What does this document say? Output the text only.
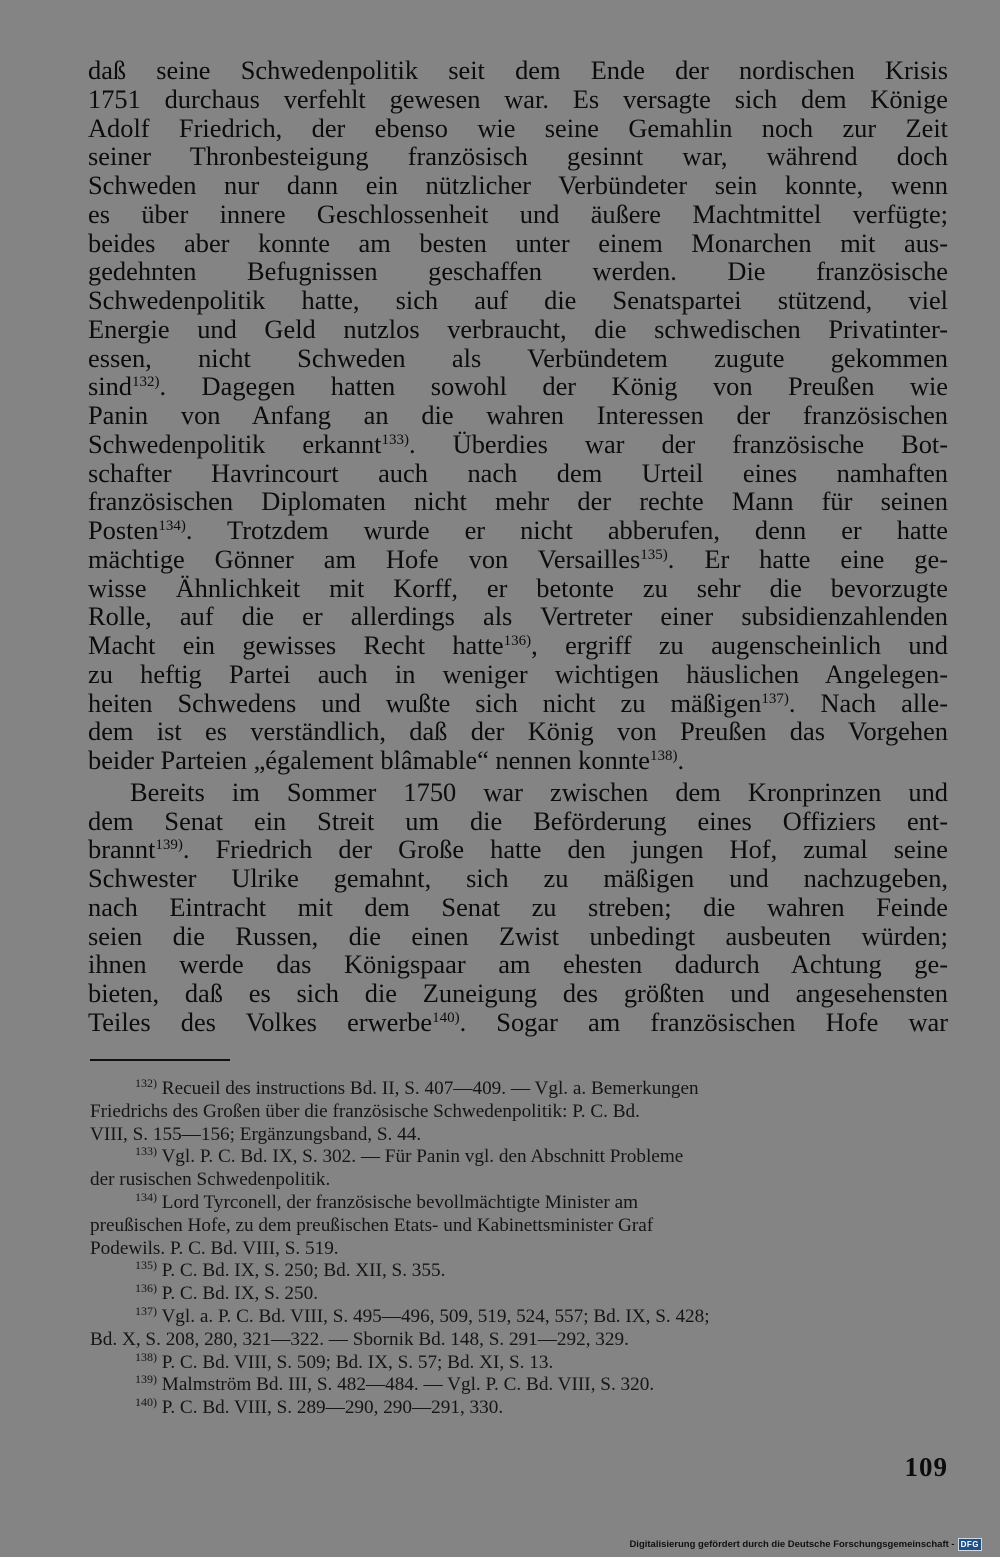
daß seine Schwedenpolitik seit dem Ende der nordischen Krisis
1751 durchaus verfehlt gewesen war. Es versagte sich dem Könige
Adolf Friedrich, der ebenso wie seine Gemahlin noch zur Zeit
seiner Thronbesteigung französisch gesinnt war, während doch
Schweden nur dann ein nützlicher Verbündeter sein konnte, wenn
es über innere Geschlossenheit und äußere Machtmittel verfügte;
beides aber konnte am besten unter einem Monarchen mit aus-
gedehnten Befugnissen geschaffen werden. Die französische
Schwedenpolitik hatte, sich auf die Senatspartei stützend, viel
Energie und Geld nutzlos verbraucht, die schwedischen Privatinter-
essen, nicht Schweden als Verbündetem zugute gekommen
sind$^{132)}$. Dagegen hatten sowohl der König von Preußen wie
Panin von Anfang an die wahren Interessen der französischen
Schwedenpolitik erkannt$^{133)}$. Überdies war der französische Bot-
schafter Havrincourt auch nach dem Urteil eines namhaften
französischen Diplomaten nicht mehr der rechte Mann für seinen
Posten$^{134)}$. Trotzdem wurde er nicht abberufen, denn er hatte
mächtige Gönner am Hofe von Versailles$^{135)}$. Er hatte eine ge-
wisse Ähnlichkeit mit Korff, er betonte zu sehr die bevorzugte
Rolle, auf die er allerdings als Vertreter einer subsidienzahlenden
Macht ein gewisses Recht hatte$^{136)}$, ergriff zu augenscheinlich und
zu heftig Partei auch in weniger wichtigen häuslichen Angelegen-
heiten Schwedens und wußte sich nicht zu mäßigen$^{137)}$. Nach alle-
dem ist es verständlich, daß der König von Preußen das Vorgehen
beider Parteien „également blâmable“ nennen konnte$^{138)}$.

Bereits im Sommer 1750 war zwischen dem Kronprinzen und
dem Senat ein Streit um die Beförderung eines Offiziers ent-
brannt$^{139)}$. Friedrich der Große hatte den jungen Hof, zumal seine
Schwester Ulrike gemahnt, sich zu mäßigen und nachzugeben,
nach Eintracht mit dem Senat zu streben; die wahren Feinde
seien die Russen, die einen Zwist unbedingt ausbeuten würden;
ihnen werde das Königspaar am ehesten dadurch Achtung ge-
bieten, daß es sich die Zuneigung des größten und angesehensten
Teiles des Volkes erwerbe$^{140)}$. Sogar am französischen Hofe war

$^{132)}$ Recueil des instructions Bd. II, S. 407—409. — Vgl. a. Bemerkungen
Friedrichs des Großen über die französische Schwedenpolitik: P. C. Bd.
VIII, S. 155—156; Ergänzungsband, S. 44.
$^{133)}$ Vgl. P. C. Bd. IX, S. 302. — Für Panin vgl. den Abschnitt Probleme
der rusischen Schwedenpolitik.
$^{134)}$ Lord Tyrconell, der französische bevollmächtigte Minister am
preußischen Hofe, zu dem preußischen Etats- und Kabinettsminister Graf
Podewils. P. C. Bd. VIII, S. 519.
$^{135)}$ P. C. Bd. IX, S. 250; Bd. XII, S. 355.
$^{136)}$ P. C. Bd. IX, S. 250.
$^{137)}$ Vgl. a. P. C. Bd. VIII, S. 495—496, 509, 519, 524, 557; Bd. IX, S. 428;
Bd. X, S. 208, 280, 321—322. — Sbornik Bd. 148, S. 291—292, 329.
$^{138)}$ P. C. Bd. VIII, S. 509; Bd. IX, S. 57; Bd. XI, S. 13.
$^{139)}$ Malmström Bd. III, S. 482—484. — Vgl. P. C. Bd. VIII, S. 320.
$^{140)}$ P. C. Bd. VIII, S. 289—290, 290—291, 330.
109
Digitalisierung gefördert durch die Deutsche Forschungsgemeinschaft - DFG
